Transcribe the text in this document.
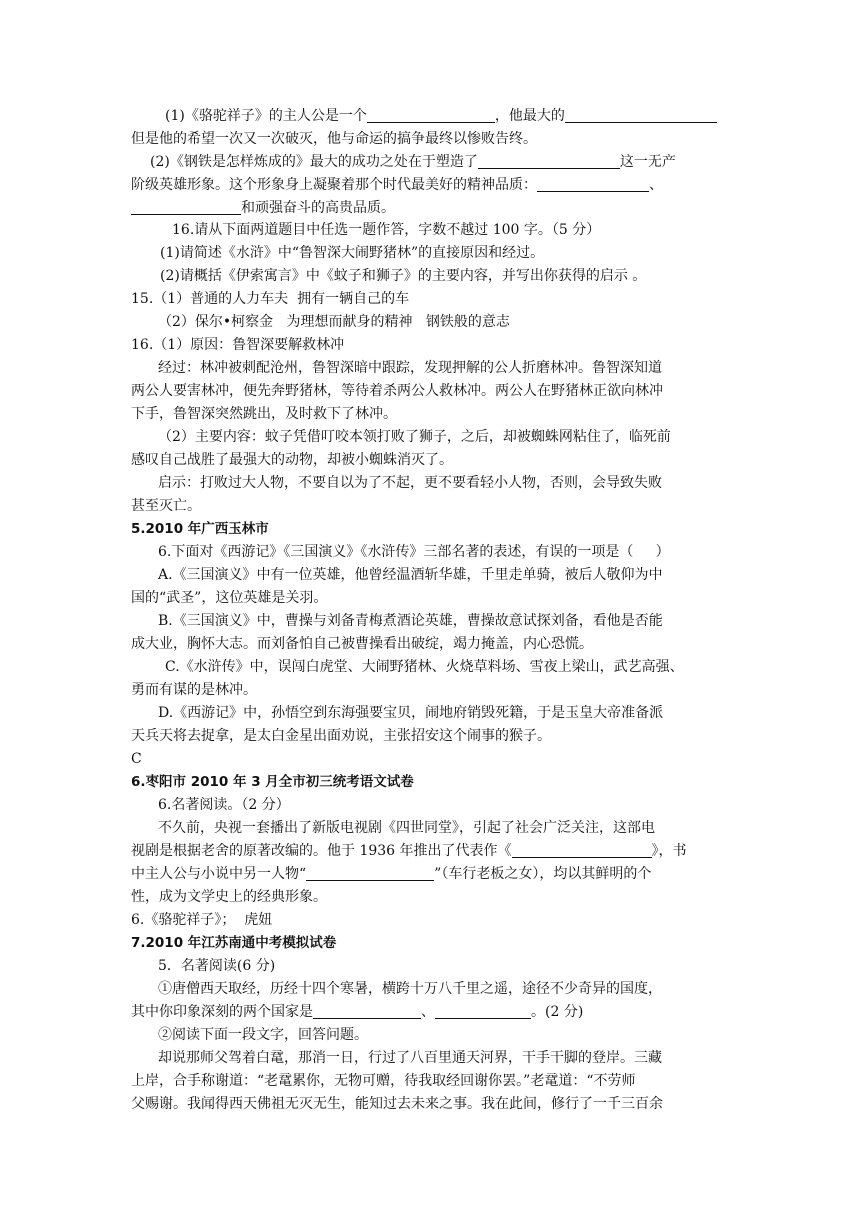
(1)《骆驼祥子》的主人公是一个	，他最大的
但是他的希望一次又一次破灭，他与命运的搞争最终以惨败告终。
(2)《钢铁是怎样炼成的》最大的成功之处在于塑造了	这一无产
阶级英雄形象。这个形象身上凝聚着那个时代最美好的精神品质：	、
和顽强奋斗的高贵品质。
16.请从下面两道题目中任选一题作答，字数不越过 100 字。（5 分）
(1)请简述《水浒》中“鲁智深大闹野猪林”的直接原因和经过。
(2)请概括《伊索寓言》中《蚊子和狮子》的主要内容，并写出你获得的启示 。
15.（1）普通的人力车夫  拥有一辆自己的车
（2）保尔•柯察金   为理想而献身的精神   钢铁般的意志
16.（1）原因：鲁智深要解救林冲
经过：林冲被刺配沧州，鲁智深暗中跟踪，发现押解的公人折磨林冲。鲁智深知道
两公人要害林冲，便先奔野猪林，等待着杀两公人救林冲。两公人在野猪林正欲向林冲
下手，鲁智深突然跳出，及时救下了林冲。
（2）主要内容：蚊子凭借叮咬本领打败了狮子，之后，却被蜘蛛网粘住了，临死前
感叹自己战胜了最强大的动物，却被小蜘蛛消灭了。
启示：打败过大人物，不要自以为了不起，更不要看轻小人物，否则，会导致失败
甚至灭亡。
5.2010 年广西玉林市
6.下面对《西游记》《三国演义》《水浒传》三部名著的表述，有误的一项是（     ）
A.《三国演义》中有一位英雄，他曾经温酒斩华雄，千里走单骑，被后人敬仰为中
国的“武圣”，这位英雄是关羽。
B.《三国演义》中，曹操与刘备青梅煮酒论英雄，曹操故意试探刘备，看他是否能
成大业，胸怀大志。而刘备怕自己被曹操看出破绽，竭力掩盖，内心恐慌。
C.《水浒传》中，误闯白虎堂、大闹野猪林、火烧草料场、雪夜上梁山，武艺高强、
勇而有谋的是林冲。
D.《西游记》中，孙悟空到东海强要宝贝，闹地府销毁死籍，于是玉皇大帝准备派
天兵天将去捉拿，是太白金星出面劝说，主张招安这个闹事的猴子。
C
6.枣阳市 2010 年 3 月全市初三统考语文试卷
6.名著阅读。（2 分）
不久前，央视一套播出了新版电视剧《四世同堂》，引起了社会广泛关注，这部电
视剧是根据老舍的原著改编的。他于 1936 年推出了代表作《	》，书
中主人公与小说中另一人物“	”（车行老板之女），均以其鲜明的个
性，成为文学史上的经典形象。
6.《骆驼祥子》；  虎妞
7.2010 年江苏南通中考模拟试卷
5．名著阅读(6 分)
①唐僧西天取经，历经十四个寒暑，横跨十万八千里之遥，途径不少奇异的国度，
其中你印象深刻的两个国家是	、	。(2 分)
②阅读下面一段文字，回答问题。
却说那师父驾着白鼋，那消一日，行过了八百里通天河界，干手干脚的登岸。三藏
上岸，合手称谢道：“老鼋累你，无物可赠，待我取经回谢你罢。”老鼋道：“不劳师
父赐谢。我闻得西天佛祖无灭无生，能知过去未来之事。我在此间，修行了一千三百余
